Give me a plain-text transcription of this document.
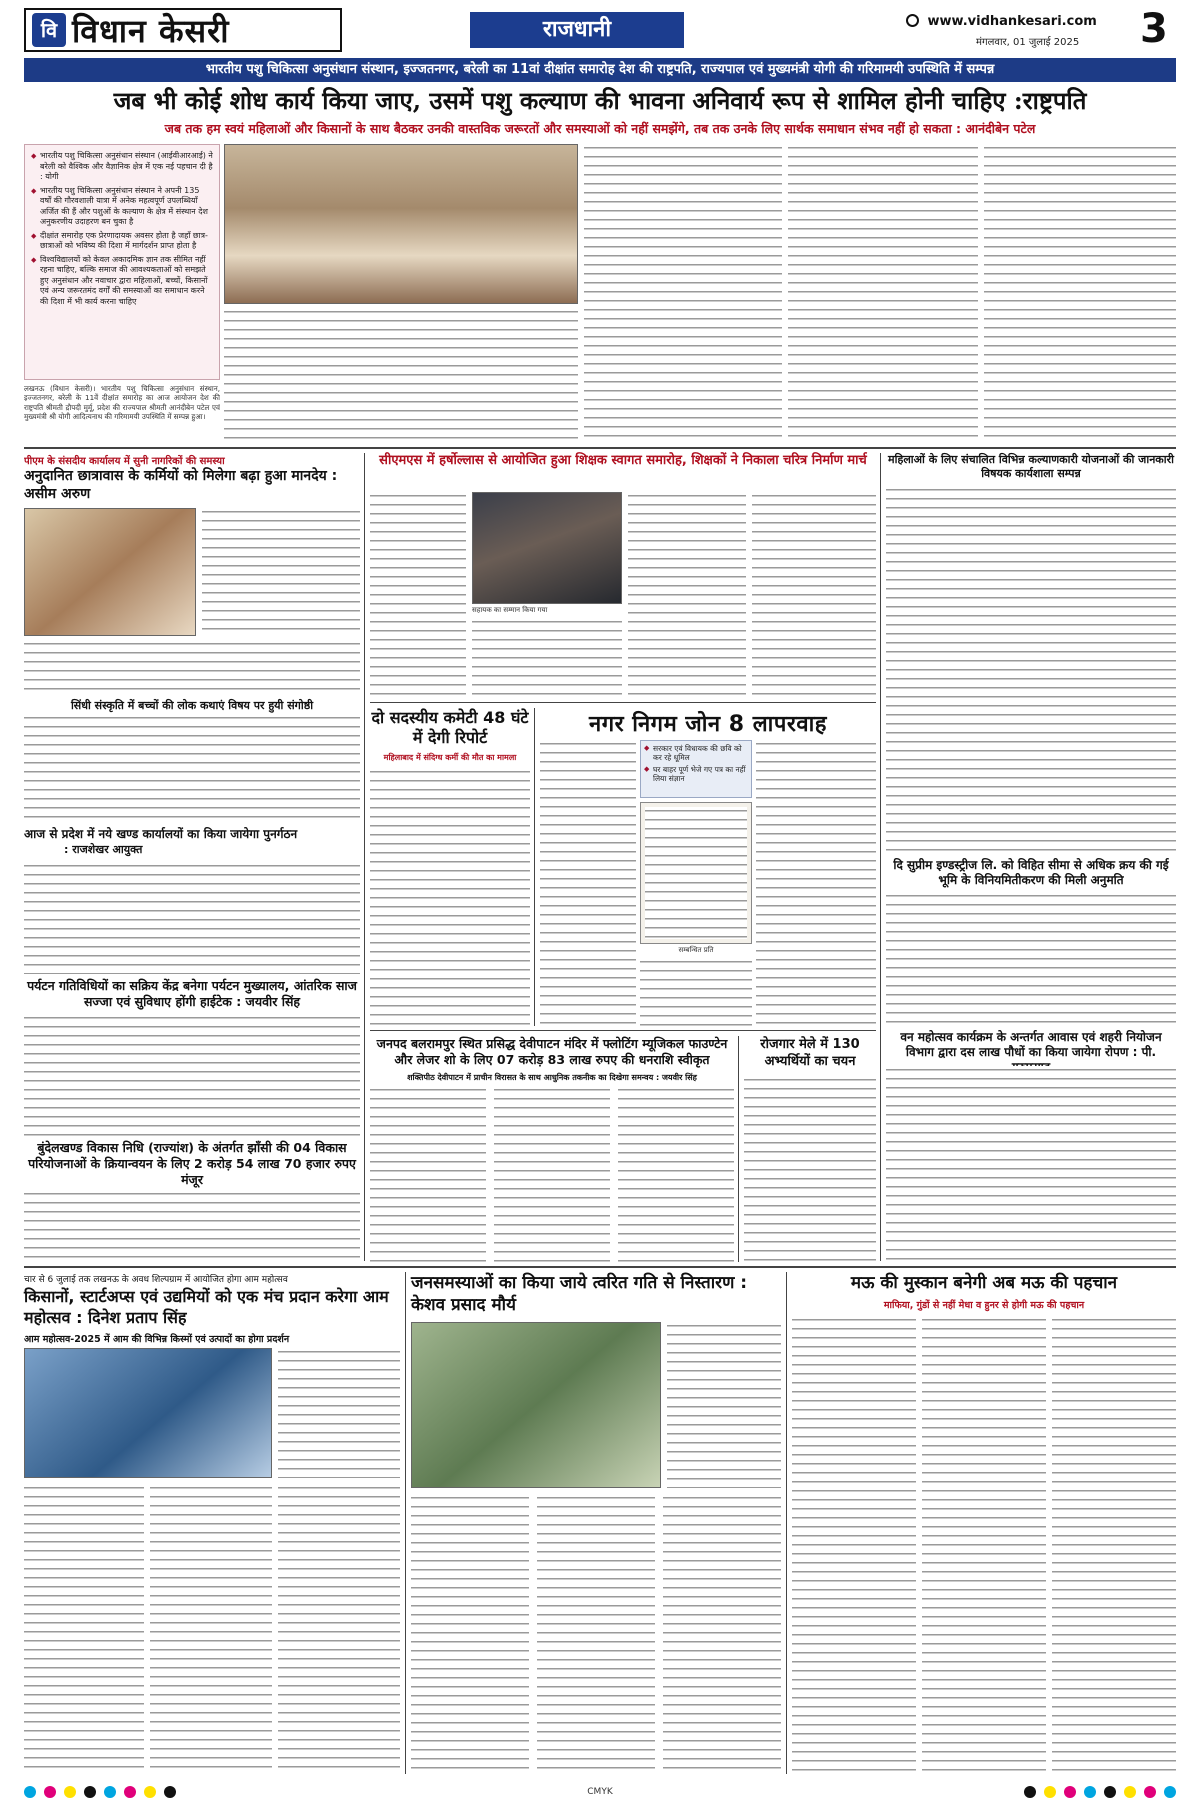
वि विधान केसरी	राजधानी	www.vidhankesari.com
मंगलवार, 01 जुलाई 2025 3
भारतीय पशु चिकित्सा अनुसंधान संस्थान, इज्जतनगर, बरेली का 11वां दीक्षांत समारोह देश की राष्ट्रपति, राज्यपाल एवं मुख्यमंत्री योगी की गरिमामयी उपस्थिति में सम्पन्न
जब भी कोई शोध कार्य किया जाए, उसमें पशु कल्याण की भावना अनिवार्य रूप से शामिल होनी चाहिए :राष्ट्रपति
जब तक हम स्वयं महिलाओं और किसानों के साथ बैठकर उनकी वास्तविक जरूरतों और समस्याओं को नहीं समझेंगे, तब तक उनके लिए सार्थक समाधान संभव नहीं हो सकता : आनंदीबेन पटेल
◆ भारतीय पशु चिकित्सा अनुसंधान संस्थान (आईवीआरआई) ने बरेली को वैश्विक और वैज्ञानिक क्षेत्र में एक नई पहचान दी है : योगी
◆ भारतीय पशु चिकित्सा अनुसंधान संस्थान ने अपनी 135 वर्षों की गौरवशाली यात्रा में अनेक महत्वपूर्ण उपलब्धियाँ अर्जित की हैं और पशुओं के कल्याण के क्षेत्र में संस्थान देश अनुकरणीय उदाहरण बन चुका है
◆ दीक्षांत समारोह एक प्रेरणादायक अवसर होता है जहाँ छात्र-छात्राओं को भविष्य की दिशा में मार्गदर्शन प्राप्त होता है
◆ विश्वविद्यालयों को केवल अकादमिक ज्ञान तक सीमित नहीं रहना चाहिए, बल्कि समाज की आवश्यकताओं को समझते हुए अनुसंधान और नवाचार द्वारा महिलाओं, बच्चों, किसानों एवं अन्य जरूरतमंद वर्गों की समस्याओं का समाधान करने की दिशा में भी कार्य करना चाहिए
लखनऊ (विधान केसरी)। भारतीय पशु चिकित्सा अनुसंधान संस्थान, इज्जतनगर, बरेली के 11वें दीक्षांत समारोह का आज आयोजन देश की राष्ट्रपति श्रीमती द्रौपदी मुर्मू, प्रदेश की राज्यपाल श्रीमती आनंदीबेन पटेल एवं मुख्यमंत्री श्री योगी आदित्यनाथ की गरिमामयी उपस्थिति में सम्पन्न हुआ।
पीएम के संसदीय कार्यालय में सुनी नागरिकों की समस्या
अनुदानित छात्रावास के कर्मियों को मिलेगा बढ़ा हुआ मानदेय : असीम अरुण
सिंधी संस्कृति में बच्चों की लोक कथाएं विषय पर हुयी संगोष्ठी
आज से प्रदेश में नये खण्ड कार्यालयों का किया जायेगा पुनर्गठन
: राजशेखर आयुक्त
पर्यटन गतिविधियों का सक्रिय केंद्र बनेगा पर्यटन मुख्यालय, आंतरिक साज सज्जा एवं सुविधाए होंगी हाईटेक : जयवीर सिंह
बुंदेलखण्ड विकास निधि (राज्यांश) के अंतर्गत झाँसी की 04 विकास परियोजनाओं के क्रियान्वयन के लिए 2 करोड़ 54 लाख 70 हजार रुपए मंजूर
सीएमएस में हर्षोल्लास से आयोजित हुआ शिक्षक स्वागत समारोह, शिक्षकों ने निकाला चरित्र निर्माण मार्च
सहायक का सम्मान किया गया
दो सदस्यीय कमेटी 48 घंटे में देगी रिपोर्ट
महिलाबाद में संदिग्ध कर्मी की मौत का मामला
नगर निगम जोन 8 लापरवाह
◆ सरकार एवं विधायक की छवि को कर रहे धूमिल
◆ घर बाहर पूर्ण भेजे गए पत्र का नहीं लिया संज्ञान
सम्बन्धित प्रति
महिलाओं के लिए संचालित विभिन्न कल्याणकारी योजनाओं की जानकारी विषयक कार्यशाला सम्पन्न
दि सुप्रीम इण्डस्ट्रीज लि. को विहित सीमा से अधिक क्रय की गई भूमि के विनियमितीकरण की मिली अनुमति
वन महोत्सव कार्यक्रम के अन्तर्गत आवास एवं शहरी नियोजन विभाग द्वारा दस लाख पौधों का किया जायेगा रोपण : पी.
जनपद बलरामपुर स्थित प्रसिद्ध देवीपाटन मंदिर में फ्लोटिंग म्यूजिकल फाउण्टेन और लेजर शो के लिए 07 करोड़ 83 लाख रुपए की धनराशि स्वीकृत
शक्तिपीठ देवीपाटन में प्राचीन विरासत के साथ आधुनिक तकनीक का दिखेगा समन्वय : जयवीर सिंह
रोजगार मेले में 130 अभ्यर्थियों का चयन
चार से 6 जुलाई तक लखनऊ के अवध शिल्पग्राम में आयोजित होगा आम महोत्सव
किसानों, स्टार्टअप्स एवं उद्यमियों को एक मंच प्रदान करेगा आम महोत्सव : दिनेश प्रताप सिंह
आम महोत्सव-2025 में आम की विभिन्न किस्मों एवं उत्पादों का होगा प्रदर्शन
जनसमस्याओं का किया जाये त्वरित गति से निस्तारण : केशव प्रसाद मौर्य
मऊ की मुस्कान बनेगी अब मऊ की पहचान
माफिया, गुंडों से नहीं मेधा व हुनर से होगी मऊ की पहचान
CMYK
